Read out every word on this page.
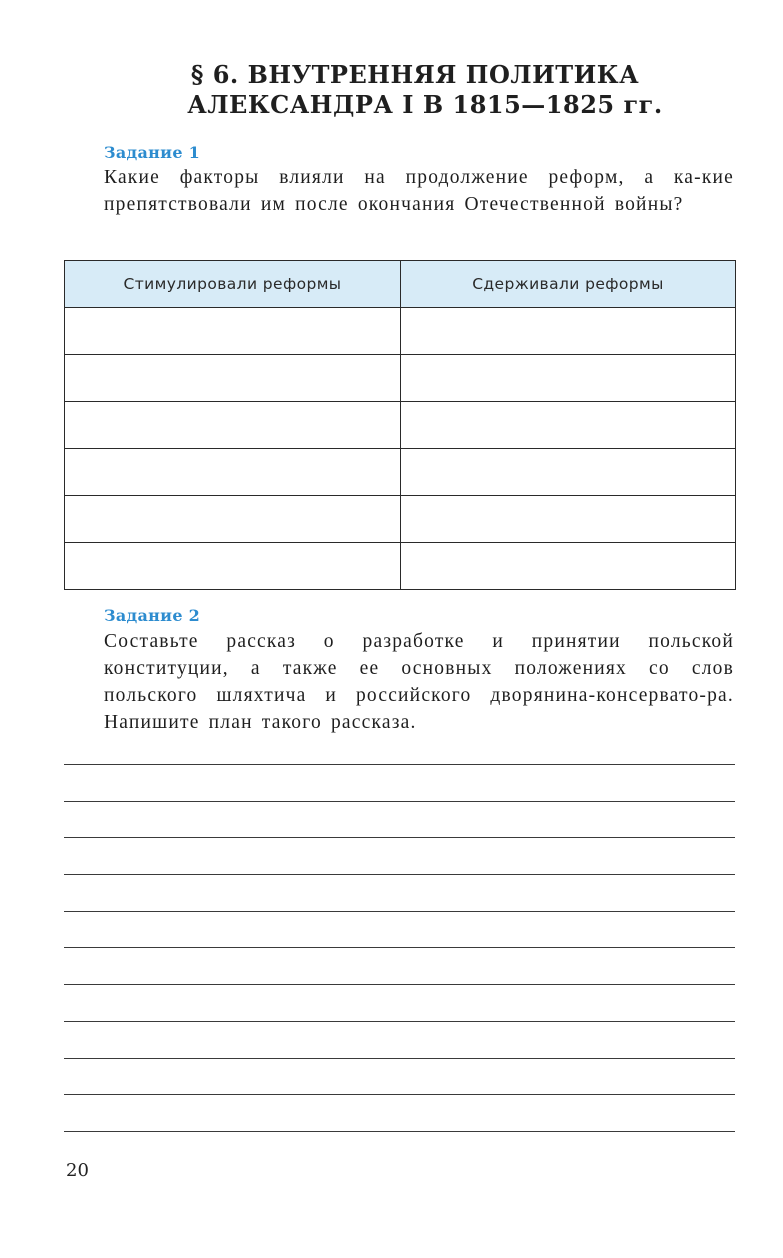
§ 6. ВНУТРЕННЯЯ ПОЛИТИКА
АЛЕКСАНДРА I В 1815—1825 гг.
Задание 1
Какие факторы влияли на продолжение реформ, а ка-кие препятствовали им после окончания Отечественной войны?
Стимулировали реформы	Сдерживали реформы

Задание 2
Составьте рассказ о разработке и принятии польской конституции, а также ее основных положениях со слов польского шляхтича и российского дворянина-консервато-ра. Напишите план такого рассказа.
20
